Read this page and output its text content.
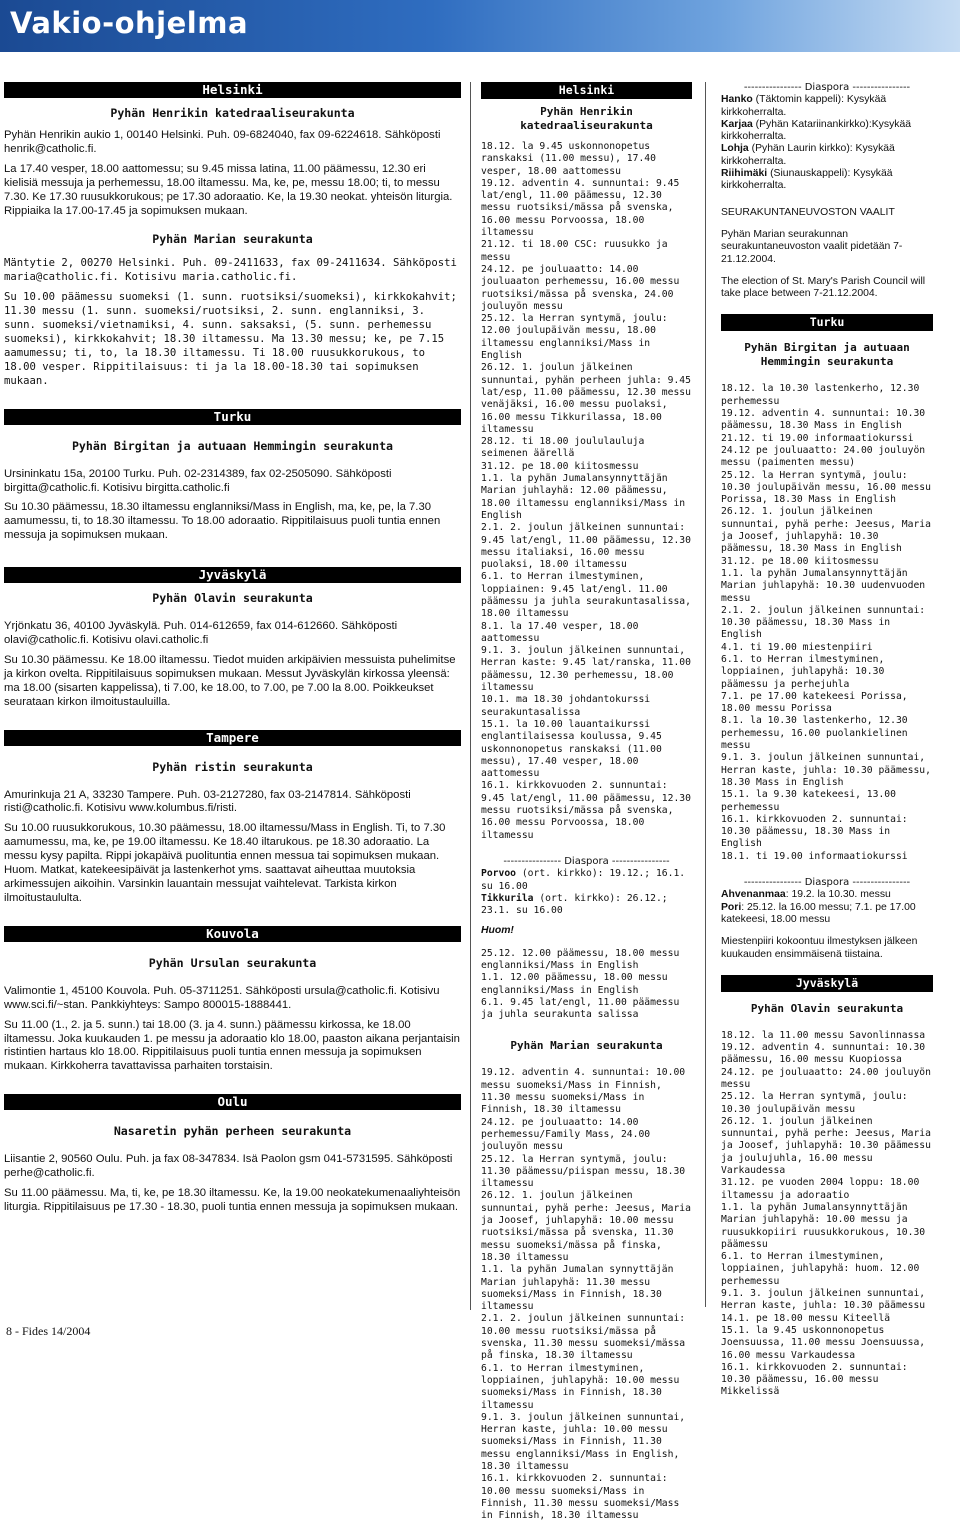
Vakio-ohjelma
Helsinki
Pyhän Henrikin katedraaliseurakunta

Pyhän Henrikin aukio 1, 00140 Helsinki. Puh. 09-6824040, fax 09-6224618. Sähköposti henrik@catholic.fi.

La 17.40 vesper, 18.00 aattomessu; su 9.45 missa latina, 11.00 päämessu, 12.30 eri kielisiä messuja ja perhemessu, 18.00 iltamessu. Ma, ke, pe, messu 18.00; ti, to messu 7.30. Ke 17.30 ruusukkorukous; pe 17.30 adoraatio. Ke, la 19.30 neokat. yhteisön liturgia. Rippiaika la 17.00-17.45 ja sopimuksen mukaan.

Pyhän Marian seurakunta

Mäntytie 2, 00270 Helsinki. Puh. 09-2411633, fax 09-2411634. Sähköposti maria@catholic.fi. Kotisivu maria.catholic.fi.

Su 10.00 päämessu suomeksi (1. sunn. ruotsiksi/suomeksi), kirkkokahvit; 11.30 messu (1. sunn. suomeksi/ruotsiksi, 2. sunn. englanniksi, 3. sunn. suomeksi/vietnamiksi, 4. sunn. saksaksi, (5. sunn. perhemessu suomeksi), kirkkokahvit; 18.30 iltamessu. Ma 13.30 messu; ke, pe 7.15 aamumessu; ti, to, la 18.30 iltamessu. Ti 18.00 ruusukkorukous, to 18.00 vesper. Rippitilaisuus: ti ja la 18.00-18.30 tai sopimuksen mukaan.

Turku
Pyhän Birgitan ja autuaan Hemmingin seurakunta

Ursininkatu 15a, 20100 Turku. Puh. 02-2314389, fax 02-2505090. Sähköposti birgitta@catholic.fi. Kotisivu birgitta.catholic.fi

Su 10.30 päämessu, 18.30 iltamessu englanniksi/Mass in English, ma, ke, pe, la 7.30 aamumessu, ti, to 18.30 iltamessu. To 18.00 adoraatio. Rippitilaisuus puoli tuntia ennen messuja ja sopimuksen mukaan.

Jyväskylä
Pyhän Olavin seurakunta

Yrjönkatu 36, 40100 Jyväskylä. Puh. 014-612659, fax 014-612660. Sähköposti olavi@catholic.fi. Kotisivu olavi.catholic.fi

Su 10.30 päämessu. Ke 18.00 iltamessu. Tiedot muiden arkipäivien messuista puhelimitse ja kirkon ovelta. Rippitilaisuus sopimuksen mukaan. Messut Jyväskylän kirkossa yleensä: ma 18.00 (sisarten kappelissa), ti 7.00, ke 18.00, to 7.00, pe 7.00 la 8.00. Poikkeukset seurataan kirkon ilmoitustauluilla.

Tampere
Pyhän ristin seurakunta

Amurinkuja 21 A, 33230 Tampere. Puh. 03-2127280, fax 03-2147814. Sähköposti risti@catholic.fi. Kotisivu www.kolumbus.fi/risti.

Su 10.00 ruusukkorukous, 10.30 päämessu, 18.00 iltamessu/Mass in English. Ti, to 7.30 aamumessu, ma, ke, pe 19.00 iltamessu. Ke 18.40 iltarukous. pe 18.30 adoraatio. La messu kysy papilta. Rippi jokapäivä puolituntia ennen messua tai sopimuksen mukaan. Huom. Matkat, katekeesipäivät ja lastenkerhot yms. saattavat aiheuttaa muutoksia arkimessujen aikoihin. Varsinkin lauantain messujat vaihtelevat. Tarkista kirkon ilmoitustaululta.

Kouvola
Pyhän Ursulan seurakunta

Valimontie 1, 45100 Kouvola. Puh. 05-3711251. Sähköposti ursula@catholic.fi. Kotisivu www.sci.fi/~stan. Pankkiyhteys: Sampo 800015-1888441.

Su 11.00 (1., 2. ja 5. sunn.) tai 18.00 (3. ja 4. sunn.) päämessu kirkossa, ke 18.00 iltamessu. Joka kuukauden 1. pe messu ja adoraatio klo 18.00, paaston aikana perjantaisin ristintien hartaus klo 18.00. Rippitilaisuus puoli tuntia ennen messuja ja sopimuksen mukaan. Kirkkoherra tavattavissa parhaiten torstaisin.

Oulu
Nasaretin pyhän perheen seurakunta

Liisantie 2, 90560 Oulu. Puh. ja fax 08-347834. Isä Paolon gsm 041-5731595. Sähköposti perhe@catholic.fi.

Su 11.00 päämessu. Ma, ti, ke, pe 18.30 iltamessu. Ke, la 19.00 neokatekumenaaliyhteisön liturgia. Rippitilaisuus pe 17.30 - 18.30, puoli tuntia ennen messuja ja sopimuksen mukaan.

Helsinki
Pyhän Henrikin katedraaliseurakunta
18.12. la 9.45 uskonnonopetus ranskaksi (11.00 messu), 17.40 vesper, 18.00 aattomessu
19.12. adventin 4. sunnuntai: 9.45 lat/engl, 11.00 päämessu, 12.30 messu ruotsiksi/mässa på svenska, 16.00 messu Porvoossa, 18.00 iltamessu
21.12. ti 18.00 CSC: ruusukko ja messu
24.12. pe jouluaatto: 14.00 jouluaaton perhemessu, 16.00 messu ruotsiksi/mässa på svenska, 24.00 jouluyön messu
25.12. la Herran syntymä, joulu: 12.00 joulupäivän messu, 18.00 iltamessu englanniksi/Mass in English
26.12. 1. joulun jälkeinen sunnuntai, pyhän perheen juhla: 9.45 lat/esp, 11.00 päämessu, 12.30 messu venäjäksi, 16.00 messu puolaksi, 16.00 messu Tikkurilassa, 18.00 iltamessu
28.12. ti 18.00 joululauluja seimenen äärellä
31.12. pe 18.00 kiitosmessu
1.1. la pyhän Jumalansynnyttäjän Marian juhlayhä: 12.00 päämessu, 18.00 iltamessu englanniksi/Mass in English
2.1. 2. joulun jälkeinen sunnuntai: 9.45 lat/engl, 11.00 päämessu, 12.30 messu italiaksi, 16.00 messu puolaksi, 18.00 iltamessu
6.1. to Herran ilmestyminen, loppiainen: 9.45 lat/engl. 11.00 päämessu ja juhla seurakuntasalissa, 18.00 iltamessu
8.1. la 17.40 vesper, 18.00 aattomessu
9.1. 3. joulun jälkeinen sunnuntai, Herran kaste: 9.45 lat/ranska, 11.00 päämessu, 12.30 perhemessu, 18.00 iltamessu
10.1. ma 18.30 johdantokurssi seurakuntasalissa
15.1. la 10.00 lauantaikurssi englantilaisessa koulussa, 9.45 uskonnonopetus ranskaksi (11.00 messu), 17.40 vesper, 18.00 aattomessu
16.1. kirkkovuoden 2. sunnuntai: 9.45 lat/engl, 11.00 päämessu, 12.30 messu ruotsiksi/mässa på svenska, 16.00 messu Porvoossa, 18.00 iltamessu
---------------- Diaspora ----------------
Porvoo (ort. kirkko): 19.12.; 16.1. su 16.00
Tikkurila (ort. kirkko): 26.12.; 23.1. su 16.00
Huom!
25.12. 12.00 päämessu, 18.00 messu englanniksi/Mass in English
1.1. 12.00 päämessu, 18.00 messu englanniksi/Mass in English
6.1. 9.45 lat/engl, 11.00 päämessu ja juhla seurakunta salissa
Pyhän Marian seurakunta
19.12. adventin 4. sunnuntai: 10.00 messu suomeksi/Mass in Finnish, 11.30 messu suomeksi/Mass in Finnish, 18.30 iltamessu
24.12. pe jouluaatto: 14.00 perhemessu/Family Mass, 24.00 jouluyön messu
25.12. la Herran syntymä, joulu: 11.30 päämessu/piispan messu, 18.30 iltamessu
26.12. 1. joulun jälkeinen sunnuntai, pyhä perhe: Jeesus, Maria ja Joosef, juhlapyhä: 10.00 messu ruotsiksi/mässa på svenska, 11.30 messu suomeksi/mässa på finska, 18.30 iltamessu
1.1. la pyhän Jumalan synnyttäjän Marian juhlapyhä: 11.30 messu suomeksi/Mass in Finnish, 18.30 iltamessu
2.1. 2. joulun jälkeinen sunnuntai: 10.00 messu ruotsiksi/mässa på svenska, 11.30 messu suomeksi/mässa på finska, 18.30 iltamessu
6.1. to Herran ilmestyminen, loppiainen, juhlapyhä: 10.00 messu suomeksi/Mass in Finnish, 18.30 iltamessu
9.1. 3. joulun jälkeinen sunnuntai, Herran kaste, juhla: 10.00 messu suomeksi/Mass in Finnish, 11.30 messu englanniksi/Mass in English, 18.30 iltamessu
16.1. kirkkovuoden 2. sunnuntai: 10.00 messu suomeksi/Mass in Finnish, 11.30 messu suomeksi/Mass in Finnish, 18.30 iltamessu
---------------- Diaspora ----------------
Hanko (Täktomin kappeli): Kysykää kirkkoherralta.
Karjaa (Pyhän Katariinankirkko):Kysykää kirkkoherralta.
Lohja (Pyhän Laurin kirkko): Kysykää kirkkoherralta.
Riihimäki (Siunauskappeli): Kysykää kirkkoherralta.

SEURAKUNTANEUVOSTON VAALIT

Pyhän Marian seurakunnan seurakuntaneuvoston vaalit pidetään 7-21.12.2004.

The election of St. Mary's Parish Council will take place between 7-21.12.2004.

Turku
Pyhän Birgitan ja autuaan Hemmingin seurakunta
18.12. la 10.30 lastenkerho, 12.30 perhemessu
19.12. adventin 4. sunnuntai: 10.30 päämessu, 18.30 Mass in English
21.12. ti 19.00 informaatiokurssi
24.12 pe jouluaatto: 24.00 jouluyön messu (paimenten messu)
25.12. la Herran syntymä, joulu: 10.30 joulupäivän messu, 16.00 messu Porissa, 18.30 Mass in English
26.12. 1. joulun jälkeinen sunnuntai, pyhä perhe: Jeesus, Maria ja Joosef, juhlapyhä: 10.30 päämessu, 18.30 Mass in English
31.12. pe 18.00 kiitosmessu
1.1. la pyhän Jumalansynnyttäjän Marian juhlapyhä: 10.30 uudenvuoden messu
2.1. 2. joulun jälkeinen sunnuntai: 10.30 päämessu, 18.30 Mass in English
4.1. ti 19.00 miestenpiiri
6.1. to Herran ilmestyminen, loppiainen, juhlapyhä: 10.30 päämessu ja perhejuhla
7.1. pe 17.00 katekeesi Porissa, 18.00 messu Porissa
8.1. la 10.30 lastenkerho, 12.30 perhemessu, 16.00 puolankielinen messu
9.1. 3. joulun jälkeinen sunnuntai, Herran kaste, juhla: 10.30 päämessu, 18.30 Mass in English
15.1. la 9.30 katekeesi, 13.00 perhemessu
16.1. kirkkovuoden 2. sunnuntai: 10.30 päämessu, 18.30 Mass in English
18.1. ti 19.00 informaatiokurssi
---------------- Diaspora ----------------
Ahvenanmaa: 19.2. la 10.30. messu
Pori: 25.12. la 16.00 messu; 7.1. pe 17.00 katekeesi, 18.00 messu

Miestenpiiri kokoontuu ilmestyksen jälkeen kuukauden ensimmäisenä tiistaina.

Jyväskylä
Pyhän Olavin seurakunta
18.12. la 11.00 messu Savonlinnassa
19.12. adventin 4. sunnuntai: 10.30 päämessu, 16.00 messu Kuopiossa
24.12. pe jouluaatto: 24.00 jouluyön messu
25.12. la Herran syntymä, joulu: 10.30 joulupäivän messu
26.12. 1. joulun jälkeinen sunnuntai, pyhä perhe: Jeesus, Maria ja Joosef, juhlapyhä: 10.30 päämessu ja joulujuhla, 16.00 messu Varkaudessa
31.12. pe vuoden 2004 loppu: 18.00 iltamessu ja adoraatio
1.1. la pyhän Jumalansynnyttäjän Marian juhlapyhä: 10.00 messu ja ruusukkopiiri ruusukkorukous, 10.30 päämessu
6.1. to Herran ilmestyminen, loppiainen, juhlapyhä: huom. 12.00 perhemessu
9.1. 3. joulun jälkeinen sunnuntai, Herran kaste, juhla: 10.30 päämessu
14.1. pe 18.00 messu Kiteellä
15.1. la 9.45 uskonnonopetus Joensuussa, 11.00 messu Joensuussa, 16.00 messu Varkaudessa
16.1. kirkkovuoden 2. sunnuntai: 10.30 päämessu, 16.00 messu Mikkelissä
8 - Fides 14/2004
